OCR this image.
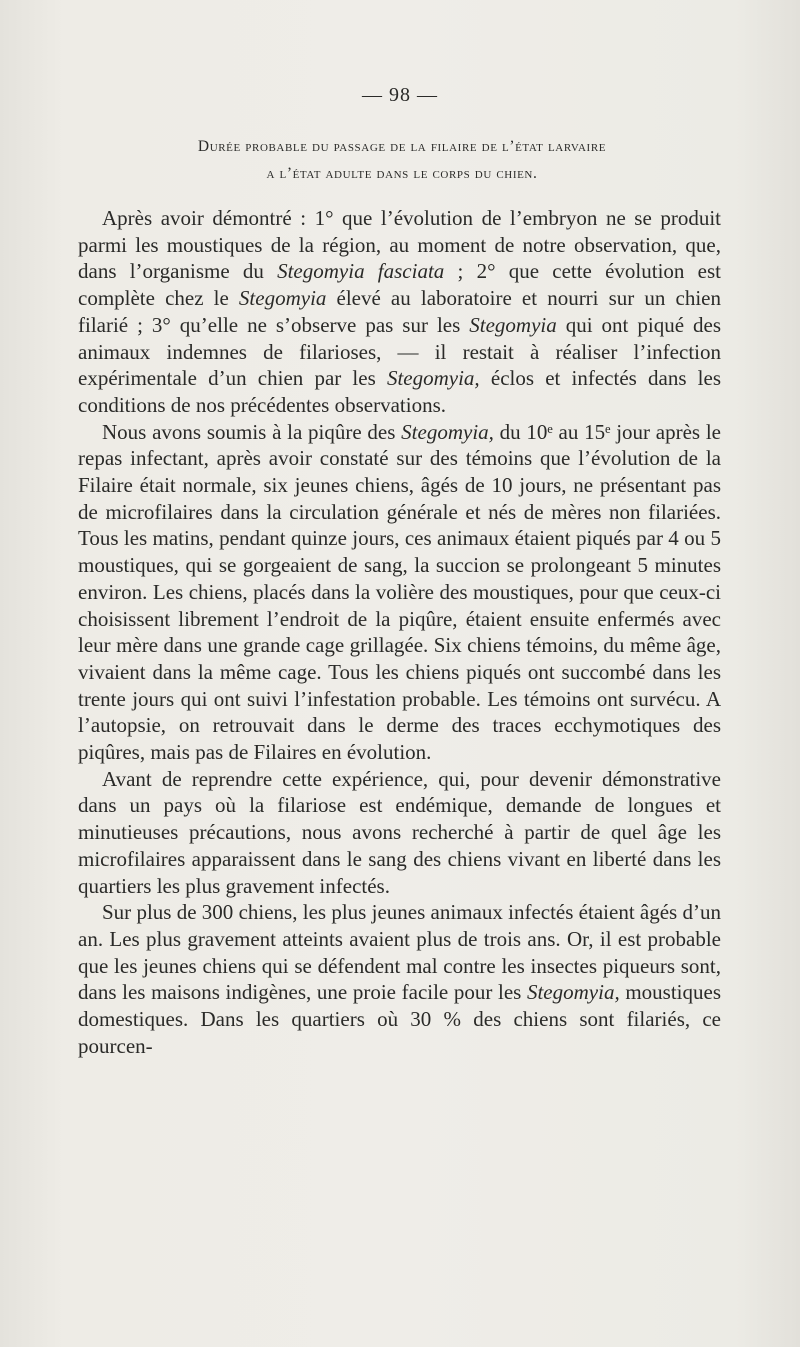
— 98 —
Durée probable du passage de la filaire de l’état larvaire
a l’état adulte dans le corps du chien.

Après avoir démontré : 1° que l’évolution de l’embryon ne se produit parmi les moustiques de la région, au moment de notre observation, que, dans l’organisme du Stegomyia fasciata ; 2° que cette évolution est complète chez le Stegomyia élevé au laboratoire et nourri sur un chien filarié ; 3° qu’elle ne s’observe pas sur les Stegomyia qui ont piqué des animaux indemnes de filarioses, — il restait à réaliser l’infection expérimentale d’un chien par les Stegomyia, éclos et infectés dans les conditions de nos précédentes observations.

Nous avons soumis à la piqûre des Stegomyia, du 10ᵉ au 15ᵉ jour après le repas infectant, après avoir constaté sur des témoins que l’évolution de la Filaire était normale, six jeunes chiens, âgés de 10 jours, ne présentant pas de microfilaires dans la circulation générale et nés de mères non filariées. Tous les matins, pendant quinze jours, ces animaux étaient piqués par 4 ou 5 moustiques, qui se gorgeaient de sang, la succion se prolongeant 5 minutes environ. Les chiens, placés dans la volière des moustiques, pour que ceux-ci choisissent librement l’endroit de la piqûre, étaient ensuite enfermés avec leur mère dans une grande cage grillagée. Six chiens témoins, du même âge, vivaient dans la même cage. Tous les chiens piqués ont succombé dans les trente jours qui ont suivi l’infestation probable. Les témoins ont survécu. A l’autopsie, on retrouvait dans le derme des traces ecchymotiques des piqûres, mais pas de Filaires en évolution.

Avant de reprendre cette expérience, qui, pour devenir démonstrative dans un pays où la filariose est endémique, demande de longues et minutieuses précautions, nous avons recherché à partir de quel âge les microfilaires apparaissent dans le sang des chiens vivant en liberté dans les quartiers les plus gravement infectés.

Sur plus de 300 chiens, les plus jeunes animaux infectés étaient âgés d’un an. Les plus gravement atteints avaient plus de trois ans. Or, il est probable que les jeunes chiens qui se défendent mal contre les insectes piqueurs sont, dans les maisons indigènes, une proie facile pour les Stegomyia, moustiques domestiques. Dans les quartiers où 30 % des chiens sont filariés, ce pourcen-
